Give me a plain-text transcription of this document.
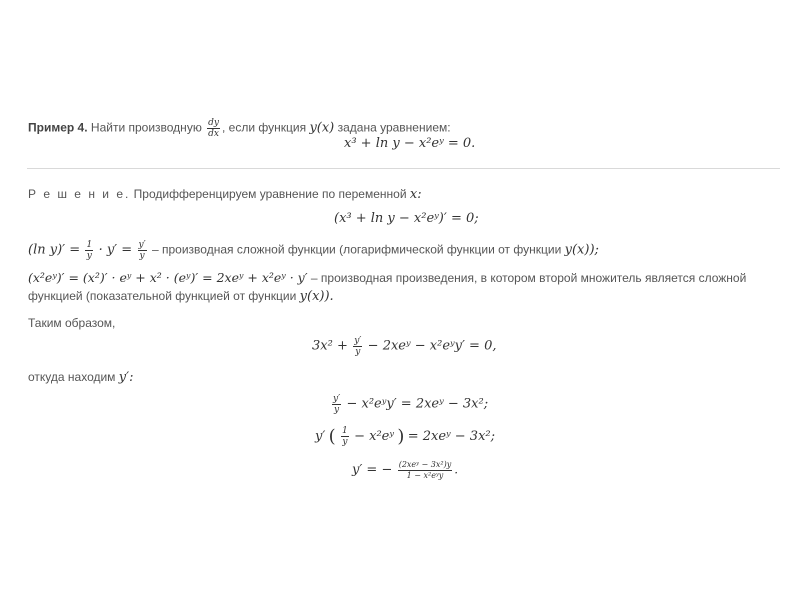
Пример 4. Найти производную $\frac{dy}{dx}$ , если функция y(x) задана уравнением:
x³ + ln y − x²eʸ = 0.
Р е ш е н и е. Продифференцируем уравнение по переменной x:
(x³ + ln y − x²eʸ)′ = 0;
(ln $y)' = \frac{1}{y} \cdot y' = \frac{y'}{y}$ – производная сложной функции (логарифмической функции от функции y(x));
(x²eʸ)′ = (x²)′ · eʸ + x² · (eʸ)′ = 2xeʸ + x²eʸ · y′ – производная произведения, в котором второй множитель является сложной
функцией (показательной функцией от функции y(x)).
Таким образом,
$3x^2 + \frac{y'}{y}$ − 2xeʸ − x²eʸy′ = 0,
откуда находим y′:
$\frac{y'}{y}$ − x²eʸy′ = 2xeʸ − 3x²;
y′ ( $\frac{1}{y}$ − x²eʸ ) = 2xeʸ − 3x²;
y′ = − $\frac{\text{(2xeʸ − 3x²)y}}{\text{1 − x²eʸy}}$ .
